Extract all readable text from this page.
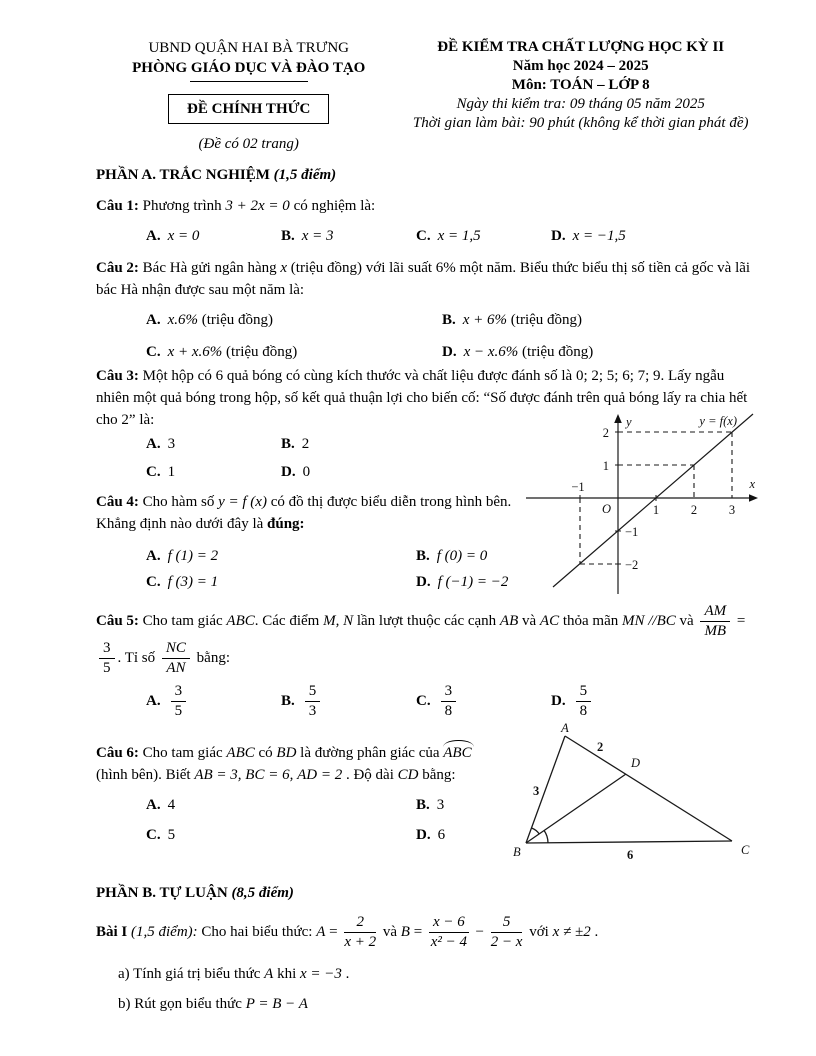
UBND QUẬN HAI BÀ TRƯNG
PHÒNG GIÁO DỤC VÀ ĐÀO TẠO
ĐỀ CHÍNH THỨC
(Đề có 02 trang)
ĐỀ KIỂM TRA CHẤT LƯỢNG HỌC KỲ II
Năm học 2024 – 2025
Môn: TOÁN – LỚP 8
Ngày thi kiểm tra: 09 tháng 05 năm 2025
Thời gian làm bài: 90 phút (không kể thời gian phát đề)
PHẦN A. TRẮC NGHIỆM (1,5 điểm)

Câu 1: Phương trình 3 + 2x = 0 có nghiệm là:

A. x = 0	B. x = 3	C. x = 1,5	D. x = −1,5

Câu 2: Bác Hà gửi ngân hàng x (triệu đồng) với lãi suất 6% một năm. Biểu thức biểu thị số tiền cả gốc và lãi bác Hà nhận được sau một năm là:

A. x.6% (triệu đồng)	B. x + 6% (triệu đồng)
C. x + x.6% (triệu đồng)	D. x − x.6% (triệu đồng)

Câu 3: Một hộp có 6 quả bóng có cùng kích thước và chất liệu được đánh số là 0; 2; 5; 6; 7; 9. Lấy ngẫu nhiên một quả bóng trong hộp, số kết quả thuận lợi cho biến cố: “Số được đánh trên quả bóng lấy ra chia hết cho 2” là:

A. 3	B. 2
C. 1	D. 0

Câu 4: Cho hàm số y = f (x) có đồ thị được biểu diễn trong hình bên. Khẳng định nào dưới đây là đúng:

A. f (1) = 2	B. f (0) = 0
C. f (3) = 1	D. f (−1) = −2

Câu 5: Cho tam giác ABC. Các điểm M, N lần lượt thuộc các cạnh AB và AC thỏa mãn MN //BC và $\frac{AM}{MB}$ =
$\frac{3}{5}$ . Tỉ số $\frac{NC}{AN}$ bằng:

A. $\frac{3}{5}$	B. $\frac{5}{3}$	C. $\frac{3}{8}$	D. $\frac{5}{8}$

Câu 6: Cho tam giác ABC có BD là đường phân giác của ABC (hình bên). Biết AB = 3, BC = 6, AD = 2 . Độ dài CD bằng:

A. 4	B. 3
C. 5	D. 6
PHẦN B. TỰ LUẬN (8,5 điểm)

Bài I (1,5 điểm): Cho hai biểu thức: $A = \frac{2}{x + 2}$ và $B = \frac{x - 6}{\text{x² − 4}} - \frac{5}{2 - x}$ với x ≠ ±2 .

a) Tính giá trị biểu thức A khi x = −3 .

b) Rút gọn biểu thức P = B − A

y
x
y = f(x)
O
2
1
−1
1	2	3
−1
−2
A
B	C
D
3
2
6
